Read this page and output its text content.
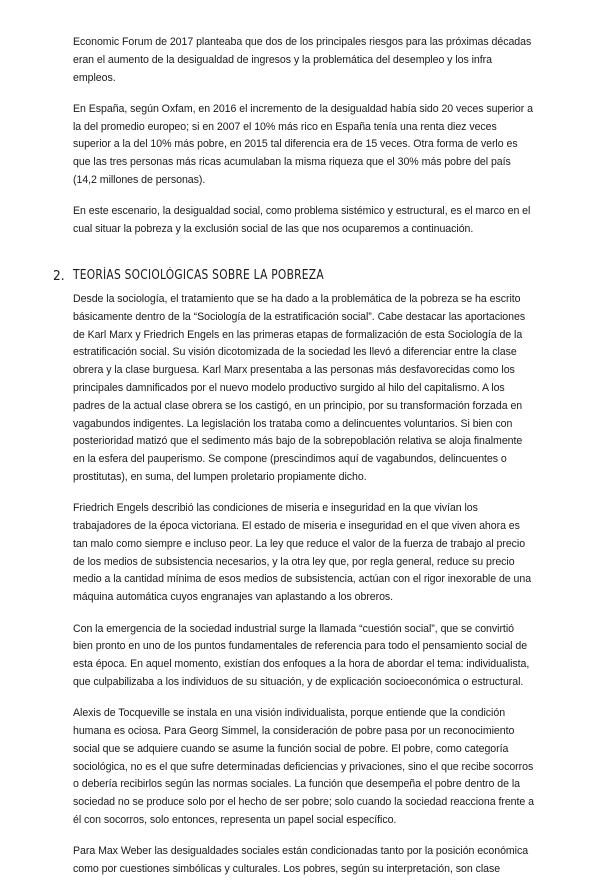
Economic Forum de 2017 planteaba que dos de los principales riesgos para las próximas décadas eran el aumento de la desigualdad de ingresos y la problemática del desempleo y los infra empleos.

En España, según Oxfam, en 2016 el incremento de la desigualdad había sido 20 veces superior a la del promedio europeo; si en 2007 el 10% más rico en España tenía una renta diez veces superior a la del 10% más pobre, en 2015 tal diferencia era de 15 veces. Otra forma de verlo es que las tres personas más ricas acumulaban la misma riqueza que el 30% más pobre del país (14,2 millones de personas).

En este escenario, la desigualdad social, como problema sistémico y estructural, es el marco en el cual situar la pobreza y la exclusión social de las que nos ocuparemos a continuación.

2. TEORÍAS SOCIOLÓGICAS SOBRE LA POBREZA

Desde la sociología, el tratamiento que se ha dado a la problemática de la pobreza se ha escrito básicamente dentro de la “Sociología de la estratificación social”. Cabe destacar las aportaciones de Karl Marx y Friedrich Engels en las primeras etapas de formalización de esta Sociología de la estratificación social. Su visión dicotomizada de la sociedad les llevó a diferenciar entre la clase obrera y la clase burguesa. Karl Marx presentaba a las personas más desfavorecidas como los principales damnificados por el nuevo modelo productivo surgido al hilo del capitalismo. A los padres de la actual clase obrera se los castigó, en un principio, por su transformación forzada en vagabundos indigentes. La legislación los trataba como a delincuentes voluntarios. Si bien con posterioridad matizó que el sedimento más bajo de la sobrepoblación relativa se aloja finalmente en la esfera del pauperismo. Se compone (prescindimos aquí de vagabundos, delincuentes o prostitutas), en suma, del lumpen proletario propiamente dicho.

Friedrich Engels describió las condiciones de miseria e inseguridad en la que vivían los trabajadores de la época victoriana. El estado de miseria e inseguridad en el que viven ahora es tan malo como siempre e incluso peor. La ley que reduce el valor de la fuerza de trabajo al precio de los medios de subsistencia necesarios, y la otra ley que, por regla general, reduce su precio medio a la cantidad mínima de esos medios de subsistencia, actúan con el rigor inexorable de una máquina automática cuyos engranajes van aplastando a los obreros.

Con la emergencia de la sociedad industrial surge la llamada “cuestión social”, que se convirtió bien pronto en uno de los puntos fundamentales de referencia para todo el pensamiento social de esta época. En aquel momento, existían dos enfoques a la hora de abordar el tema: individualista, que culpabilizaba a los individuos de su situación, y de explicación socioeconómica o estructural.

Alexis de Tocqueville se instala en una visión individualista, porque entiende que la condición humana es ociosa. Para Georg Simmel, la consideración de pobre pasa por un reconocimiento social que se adquiere cuando se asume la función social de pobre. El pobre, como categoría sociológica, no es el que sufre determinadas deficiencias y privaciones, sino el que recibe socorros o debería recibirlos según las normas sociales. La función que desempeña el pobre dentro de la sociedad no se produce solo por el hecho de ser pobre; solo cuando la sociedad reacciona frente a él con socorros, solo entonces, representa un papel social específico.

Para Max Weber las desigualdades sociales están condicionadas tanto por la posición económica como por cuestiones simbólicas y culturales. Los pobres, según su interpretación, son clase
